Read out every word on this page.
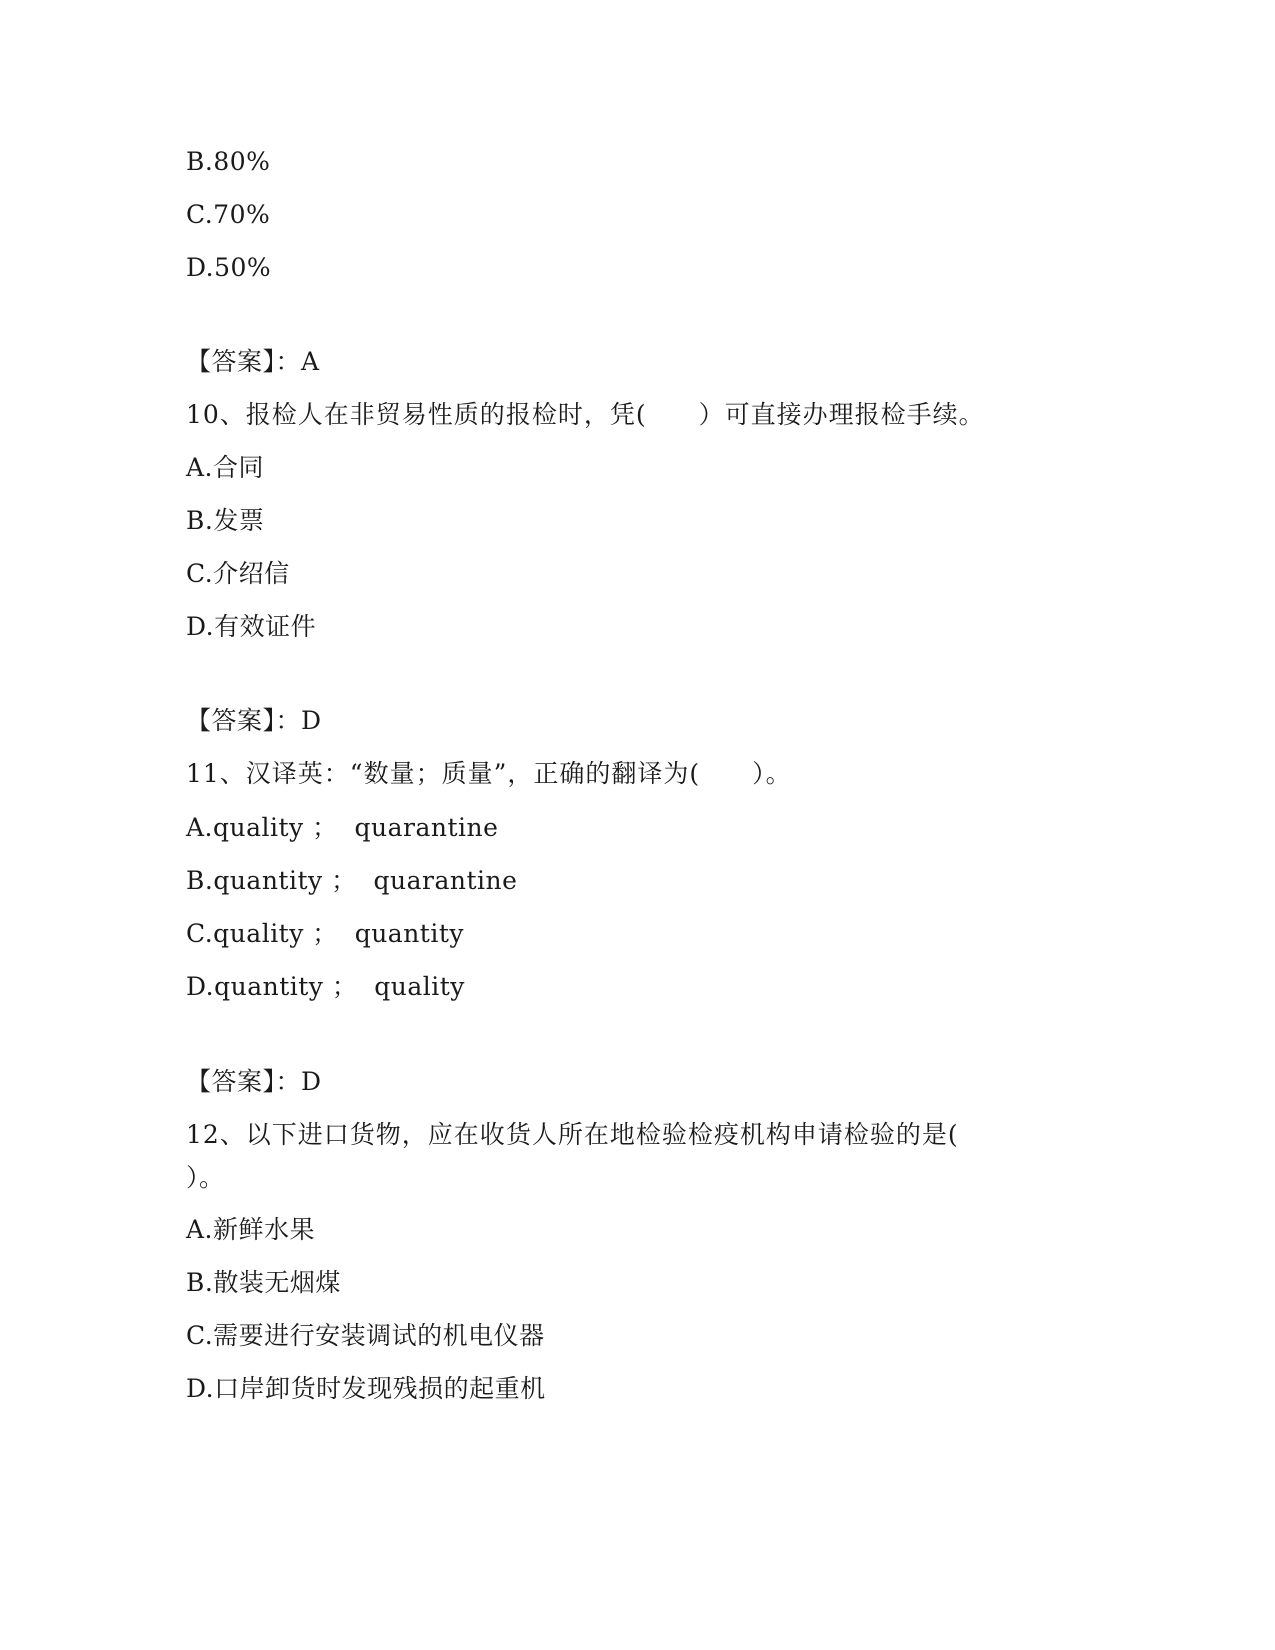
B.80%
C.70%
D.50%
【答案】：A
10、报检人在非贸易性质的报检时，凭(　　）可直接办理报检手续。
A.合同
B.发票
C.介绍信
D.有效证件
【答案】：D
11、汉译英：“数量；质量”，正确的翻译为(　　）。
A.quality ；  quarantine
B.quantity ；  quarantine
C.quality ；  quantity
D.quantity ；  quality
【答案】：D
12、以下进口货物，应在收货人所在地检验检疫机构申请检验的是(
）。
A.新鲜水果
B.散装无烟煤
C.需要进行安装调试的机电仪器
D.口岸卸货时发现残损的起重机
